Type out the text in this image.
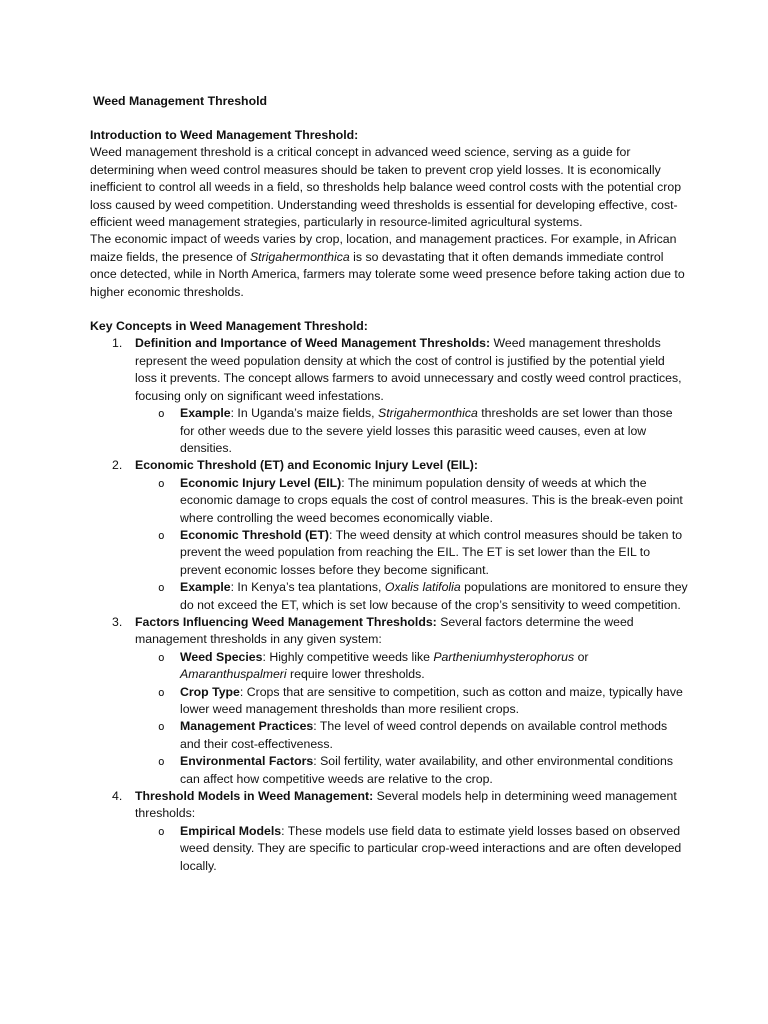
Weed Management Threshold

Introduction to Weed Management Threshold:

Weed management threshold is a critical concept in advanced weed science, serving as a guide for determining when weed control measures should be taken to prevent crop yield losses. It is economically inefficient to control all weeds in a field, so thresholds help balance weed control costs with the potential crop loss caused by weed competition. Understanding weed thresholds is essential for developing effective, cost-efficient weed management strategies, particularly in resource-limited agricultural systems.

The economic impact of weeds varies by crop, location, and management practices. For example, in African maize fields, the presence of Strigahermonthica is so devastating that it often demands immediate control once detected, while in North America, farmers may tolerate some weed presence before taking action due to higher economic thresholds.

Key Concepts in Weed Management Threshold:

1. Definition and Importance of Weed Management Thresholds: Weed management thresholds represent the weed population density at which the cost of control is justified by the potential yield loss it prevents. The concept allows farmers to avoid unnecessary and costly weed control practices, focusing only on significant weed infestations.
o Example: In Uganda’s maize fields, Strigahermonthica thresholds are set lower than those for other weeds due to the severe yield losses this parasitic weed causes, even at low densities.
2. Economic Threshold (ET) and Economic Injury Level (EIL):
o Economic Injury Level (EIL): The minimum population density of weeds at which the economic damage to crops equals the cost of control measures. This is the break-even point where controlling the weed becomes economically viable.
o Economic Threshold (ET): The weed density at which control measures should be taken to prevent the weed population from reaching the EIL. The ET is set lower than the EIL to prevent economic losses before they become significant.
o Example: In Kenya’s tea plantations, Oxalis latifolia populations are monitored to ensure they do not exceed the ET, which is set low because of the crop’s sensitivity to weed competition.
3. Factors Influencing Weed Management Thresholds: Several factors determine the weed management thresholds in any given system:
o Weed Species: Highly competitive weeds like Partheniumhysterophorus or Amaranthuspalmeri require lower thresholds.
o Crop Type: Crops that are sensitive to competition, such as cotton and maize, typically have lower weed management thresholds than more resilient crops.
o Management Practices: The level of weed control depends on available control methods and their cost-effectiveness.
o Environmental Factors: Soil fertility, water availability, and other environmental conditions can affect how competitive weeds are relative to the crop.
4. Threshold Models in Weed Management: Several models help in determining weed management thresholds:
o Empirical Models: These models use field data to estimate yield losses based on observed weed density. They are specific to particular crop-weed interactions and are often developed locally.
